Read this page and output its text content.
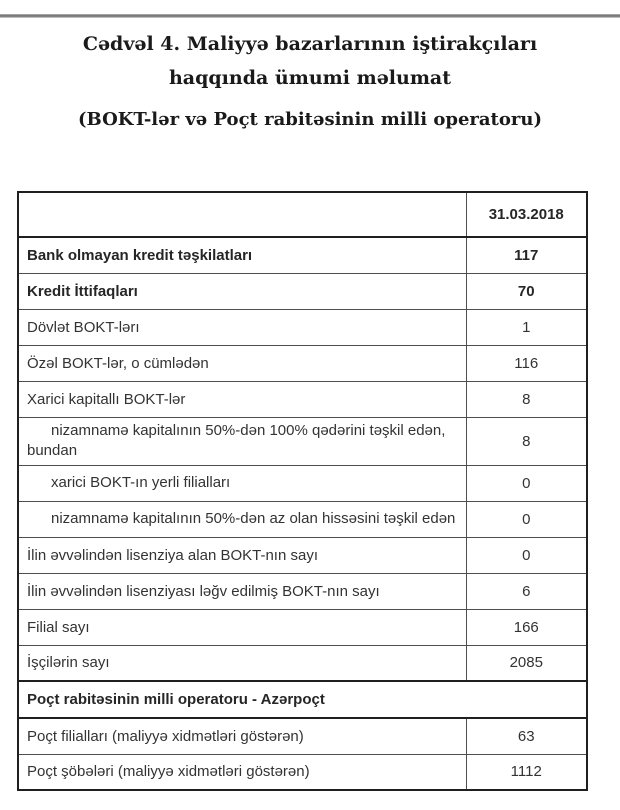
Cədvəl 4. Maliyyə bazarlarının iştirakçıları haqqında ümumi məlumat
(BOKT-lər və Poçt rabitəsinin milli operatoru)
	31.03.2018
Bank olmayan kredit təşkilatları	117
Kredit İttifaqları	70
Dövlət BOKT-lərı	1
Özəl BOKT-lər, o cümlədən	116
Xarici kapitallı BOKT-lər	8
nizamnamə kapitalının 50%-dən 100% qədərini təşkil edən, bundan	8
xarici BOKT-ın yerli filialları	0
nizamnamə kapitalının 50%-dən az olan hissəsini təşkil edən	0
İlin əvvəlindən lisenziya alan BOKT-nın sayı	0
İlin əvvəlindən lisenziyası ləğv edilmiş BOKT-nın sayı	6
Filial sayı	166
İşçilərin sayı	2085
Poçt rabitəsinin milli operatoru - Azərpoçt	
Poçt filialları (maliyyə xidmətləri göstərən)	63
Poçt şöbələri (maliyyə xidmətləri göstərən)	1112
